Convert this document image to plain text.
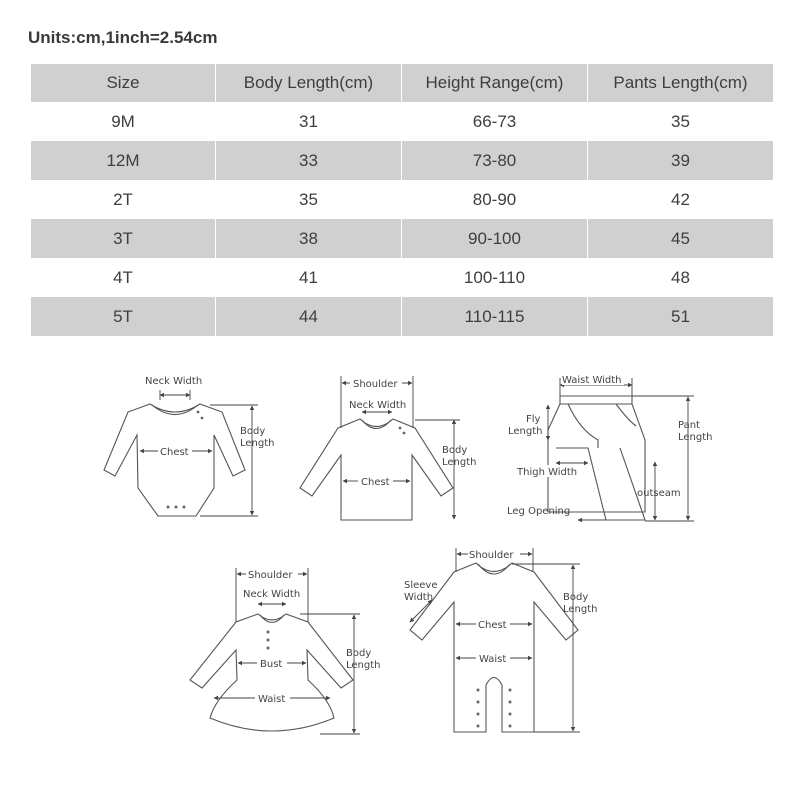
Units:cm,1inch=2.54cm
Size	Body Length(cm)	Height Range(cm)	Pants Length(cm)
9M	31	66-73	35
12M	33	73-80	39
2T	35	80-90	42
3T	38	90-100	45
4T	41	100-110	48
5T	44	110-115	51
Neck Width
Chest
Body
Length
Shoulder
Neck Width
Chest
Body
Length
Waist Width
Fly
Length
Pant
Length
Thigh Width
outseam
Leg Opening
Shoulder
Neck Width
Bust
Waist
Body
Length
Shoulder
Sleeve
Width
Chest
Waist
Body
Length
